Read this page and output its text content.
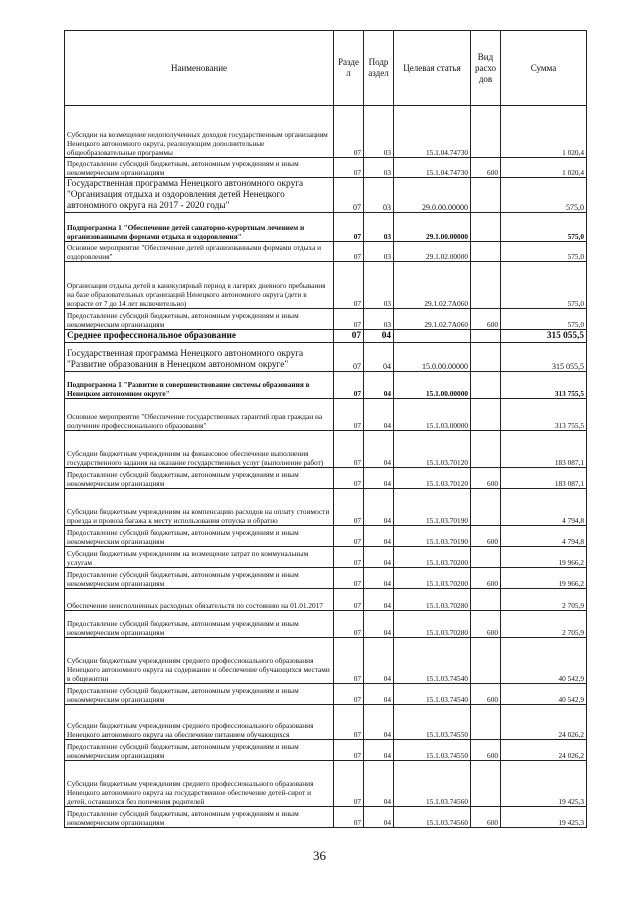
Наименование	Разде л	Подр аздел	Целевая статья	Вид расхо дов	Сумма
Субсидии на возмещение недополученных доходов государственным организациям Ненецкого автономного округа, реализующим дополнительные общеобразовательные программы	07	03	15.1.04.74730		1 020,4
Предоставление субсидий бюджетным, автономным учреждениям и иным некоммерческим организациям	07	03	15.1.04.74730	600	1 020,4
Государственная программа Ненецкого автономного округа "Организация отдыха и оздоровления детей Ненецкого автономного округа на 2017 - 2020 годы"	07	03	29.0.00.00000		575,0
Подпрограмма 1 "Обеспечение детей санаторно-курортным лечением и организованными формами отдыха и оздоровления"	07	03	29.1.00.00000		575,0
Основное мероприятие "Обеспечение детей организованными формами отдыха и оздоровления"	07	03	29.1.02.00000		575,0
Организация отдыха детей в каникулярный период в лагерях дневного пребывания на базе образовательных организаций Ненецкого автономного округа (дети в возрасте от 7 до 14 лет включительно)	07	03	29.1.02.7А060		575,0
Предоставление субсидий бюджетным, автономным учреждениям и иным некоммерческим организациям	07	03	29.1.02.7А060	600	575,0
Среднее профессиональное образование	07	04			315 055,5
Государственная программа Ненецкого автономного округа "Развитие образования в Ненецком автономном округе"	07	04	15.0.00.00000		315 055,5
Подпрограмма 1 "Развитие и совершенствование системы образования в Ненецком автономном округе"	07	04	15.1.00.00000		313 755,5
Основное мероприятие "Обеспечение государственных гарантий прав граждан на получение профессионального образования"	07	04	15.1.03.00000		313 755,5
Субсидии бюджетным учреждениям на финансовое обеспечение выполнения государственного задания на оказание государственных услуг (выполнение работ)	07	04	15.1.03.70120		183 087,1
Предоставление субсидий бюджетным, автономным учреждениям и иным некоммерческим организациям	07	04	15.1.03.70120	600	183 087,1
Субсидии бюджетным учреждениям на компенсацию расходов на оплату стоимости проезда и провоза багажа к месту использования отпуска и обратно	07	04	15.1.03.70190		4 794,8
Предоставление субсидий бюджетным, автономным учреждениям и иным некоммерческим организациям	07	04	15.1.03.70190	600	4 794,8
Субсидии бюджетным учреждениям на возмещение затрат по коммунальным услугам	07	04	15.1.03.70200		19 966,2
Предоставление субсидий бюджетным, автономным учреждениям и иным некоммерческим организациям	07	04	15.1.03.70200	600	19 966,2
Обеспечение неисполненных расходных обязательств по состоянию на 01.01.2017	07	04	15.1.03.70280		2 705,9
Предоставление субсидий бюджетным, автономным учреждениям и иным некоммерческим организациям	07	04	15.1.03.70280	600	2 705,9
Субсидии бюджетным учреждениям среднего профессионального образования Ненецкого автономного округа на содержание и обеспечение обучающихся местами в общежитии	07	04	15.1.03.74540		40 542,9
Предоставление субсидий бюджетным, автономным учреждениям и иным некоммерческим организациям	07	04	15.1.03.74540	600	40 542,9
Субсидии бюджетным учреждениям среднего профессионального образования Ненецкого автономного округа на обеспечение питанием обучающихся	07	04	15.1.03.74550		24 026,2
Предоставление субсидий бюджетным, автономным учреждениям и иным некоммерческим организациям	07	04	15.1.03.74550	600	24 026,2
Субсидии бюджетным учреждениям среднего профессионального образования Ненецкого автономного округа на государственное обеспечение детей-сирот и детей, оставшихся без попечения родителей	07	04	15.1.03.74560		19 425,3
Предоставление субсидий бюджетным, автономным учреждениям и иным некоммерческим организациям	07	04	15.1.03.74560	600	19 425,3
36
